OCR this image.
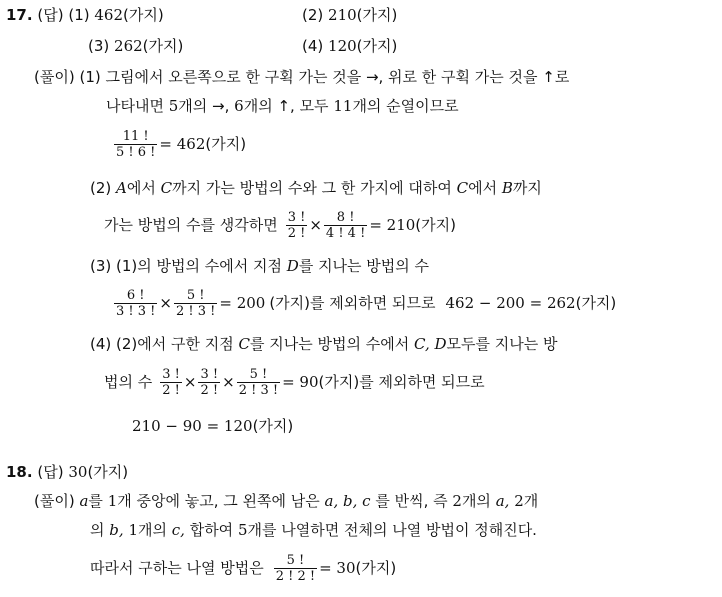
17. (답) (1) 462(가지)	(2) 210(가지)
(3) 262(가지)	(4) 120(가지)
(풀이) (1) 그림에서 오른쪽으로 한 구획 가는 것을 →, 위로 한 구획 가는 것을 ↑로
나타내면 5개의 →, 6개의 ↑, 모두 11개의 순열이므로
$\frac{11 !}{5 ! 6 !} = 462$ (가지)
(2) A에서 C까지 가는 방법의 수와 그 한 가지에 대하여 C에서 B까지
가는 방법의 수를 생각하면 $\frac{3 !}{2 !} \times \frac{8 !}{4 ! 4 !} = 210$ (가지)
(3) (1)의 방법의 수에서 지점 D를 지나는 방법의 수
$\frac{6 !}{3 ! 3 !} \times \frac{5 !}{2 ! 3 !} = 200$ (가지)를 제외하면 되므로 462 − 200 = 262 (가지)
(4) (2)에서 구한 지점 C를 지나는 방법의 수에서 C, D모두를 지나는 방
법의 수 $\frac{3 !}{2 !} \times \frac{3 !}{2 !} \times \frac{5 !}{2 ! 3 !} = 90$ (가지)를 제외하면 되므로
210 − 90 = 120(가지)
18. (답) 30(가지)
(풀이) a를 1개 중앙에 놓고, 그 왼쪽에 남은 a, b, c 를 반씩, 즉 2개의 a, 2개
의 b, 1개의 c, 합하여 5개를 나열하면 전체의 나열 방법이 정해진다.
따라서 구하는 나열 방법은 $\frac{5 !}{2 ! 2 !} = 30$ (가지)
